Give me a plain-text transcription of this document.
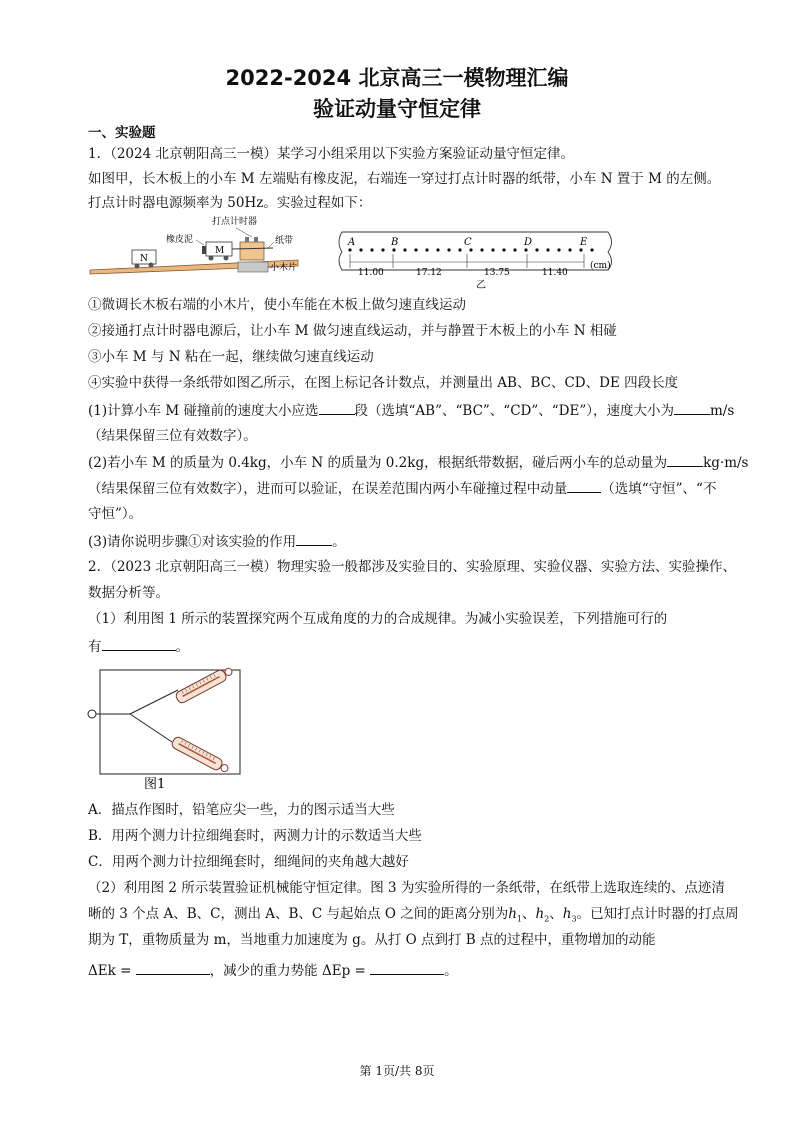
2022-2024 北京高三一模物理汇编
验证动量守恒定律
一、实验题
1．（2024 北京朝阳高三一模）某学习小组采用以下实验方案验证动量守恒定律。
如图甲，长木板上的小车 M 左端贴有橡皮泥，右端连一穿过打点计时器的纸带，小车 N 置于 M 的左侧。
打点计时器电源频率为 50Hz。实验过程如下：
N
M
橡皮泥
打点计时器
纸带
小木片
A	B	C	D	E
11.00	17.12	13.75	11.40
(cm)
乙
①微调长木板右端的小木片，使小车能在木板上做匀速直线运动
②接通打点计时器电源后，让小车 M 做匀速直线运动，并与静置于木板上的小车 N 相碰
③小车 M 与 N 粘在一起，继续做匀速直线运动
④实验中获得一条纸带如图乙所示，在图上标记各计数点，并测量出 AB、BC、CD、DE 四段长度
(1)计算小车 M 碰撞前的速度大小应选	段（选填“AB”、“BC”、“CD”、“DE”），速度大小为	m/s
（结果保留三位有效数字）。
(2)若小车 M 的质量为 0.4kg，小车 N 的质量为 0.2kg，根据纸带数据，碰后两小车的总动量为	kg·m/s
（结果保留三位有效数字），进而可以验证，在误差范围内两小车碰撞过程中动量	（选填“守恒”、“不
守恒”）。
(3)请你说明步骤①对该实验的作用	。
2．（2023 北京朝阳高三一模）物理实验一般都涉及实验目的、实验原理、实验仪器、实验方法、实验操作、
数据分析等。
（1）利用图 1 所示的装置探究两个互成角度的力的合成规律。为减小实验误差，下列措施可行的
有	。
图1
A．描点作图时，铅笔应尖一些，力的图示适当大些
B．用两个测力计拉细绳套时，两测力计的示数适当大些
C．用两个测力计拉细绳套时，细绳间的夹角越大越好
（2）利用图 2 所示装置验证机械能守恒定律。图 3 为实验所得的一条纸带，在纸带上选取连续的、点迹清
晰的 3 个点 A、B、C，测出 A、B、C 与起始点 O 之间的距离分别为$h_1$、$h_2$、$h_3$。已知打点计时器的打点周
期为 T，重物质量为 m，当地重力加速度为 g。从打 O 点到打 B 点的过程中，重物增加的动能
ΔEk =	，减少的重力势能 ΔEp =	。
第 1页/共 8页
